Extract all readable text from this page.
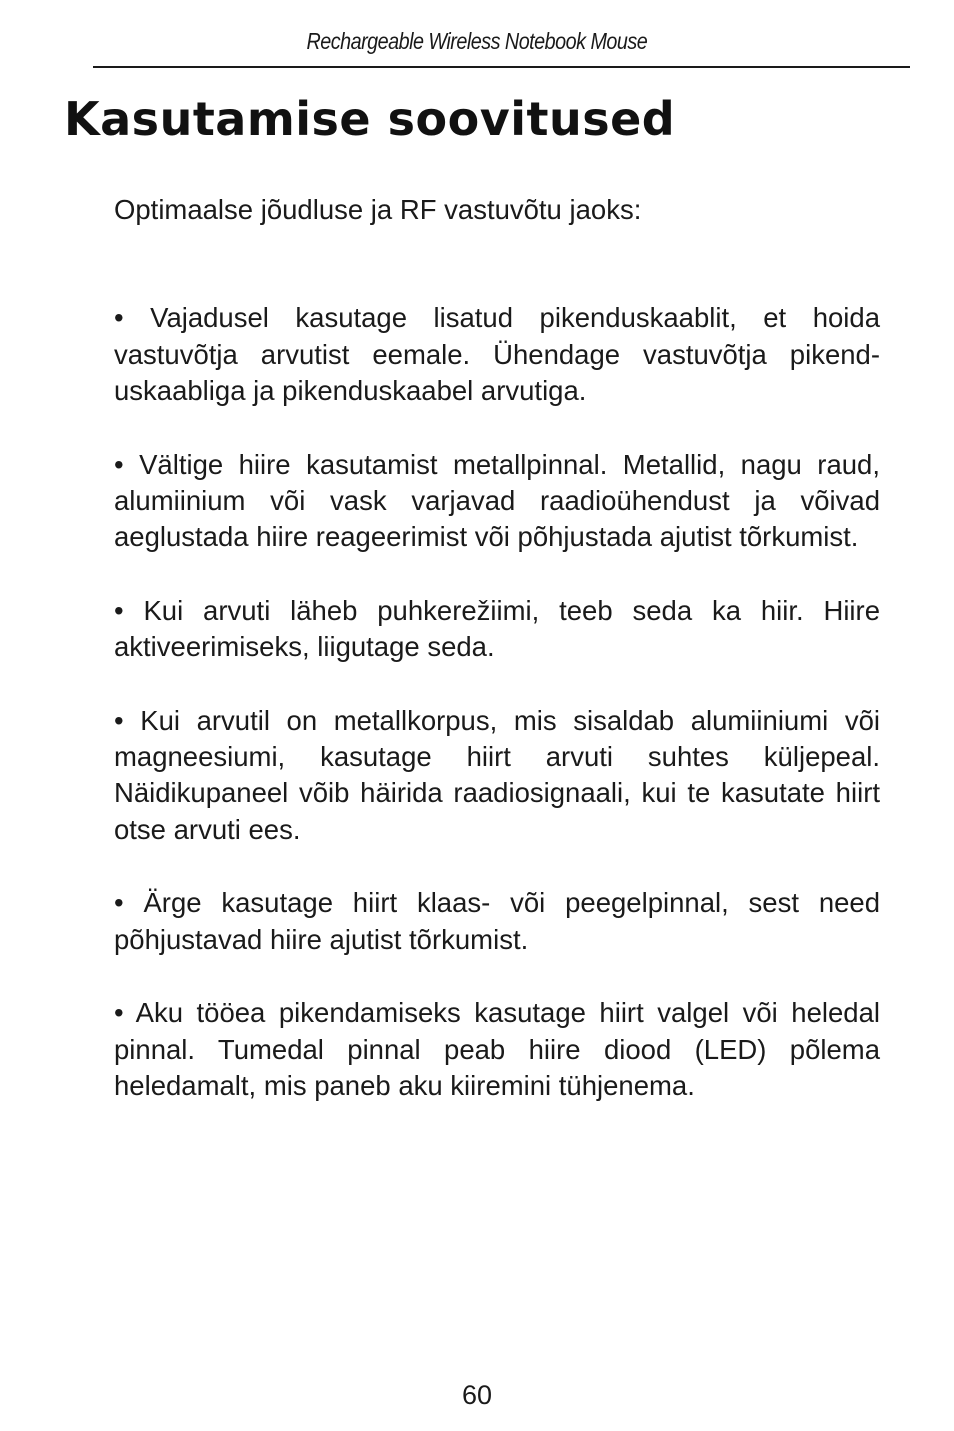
Rechargeable Wireless Notebook Mouse
Kasutamise soovitused

Optimaalse jõudluse ja RF vastuvõtu jaoks:

• Vajadusel kasutage lisatud pikenduskaablit, et hoida vastuvõtja arvutist eemale. Ühendage vastuvõtja pikenduskaabliga ja pikenduskaabel arvutiga.

• Vältige hiire kasutamist metallpinnal. Metallid, nagu raud, alumiinium või vask varjavad raadioühendust ja võivad aeglustada hiire reageerimist või põhjustada ajutist tõrkumist.

• Kui arvuti läheb puhkerežiimi, teeb seda ka hiir. Hiire aktiveerimiseks, liigutage seda.

• Kui arvutil on metallkorpus, mis sisaldab alumiiniumi või magneesiumi, kasutage hiirt arvuti suhtes küljepeal. Näidikupaneel võib häirida raadiosignaali, kui te kasutate hiirt otse arvuti ees.

• Ärge kasutage hiirt klaas- või peegelpinnal, sest need põhjustavad hiire ajutist tõrkumist.

• Aku tööea pikendamiseks kasutage hiirt valgel või heledal pinnal. Tumedal pinnal peab hiire diood (LED) põlema heledamalt, mis paneb aku kiiremini tühjenema.

60
